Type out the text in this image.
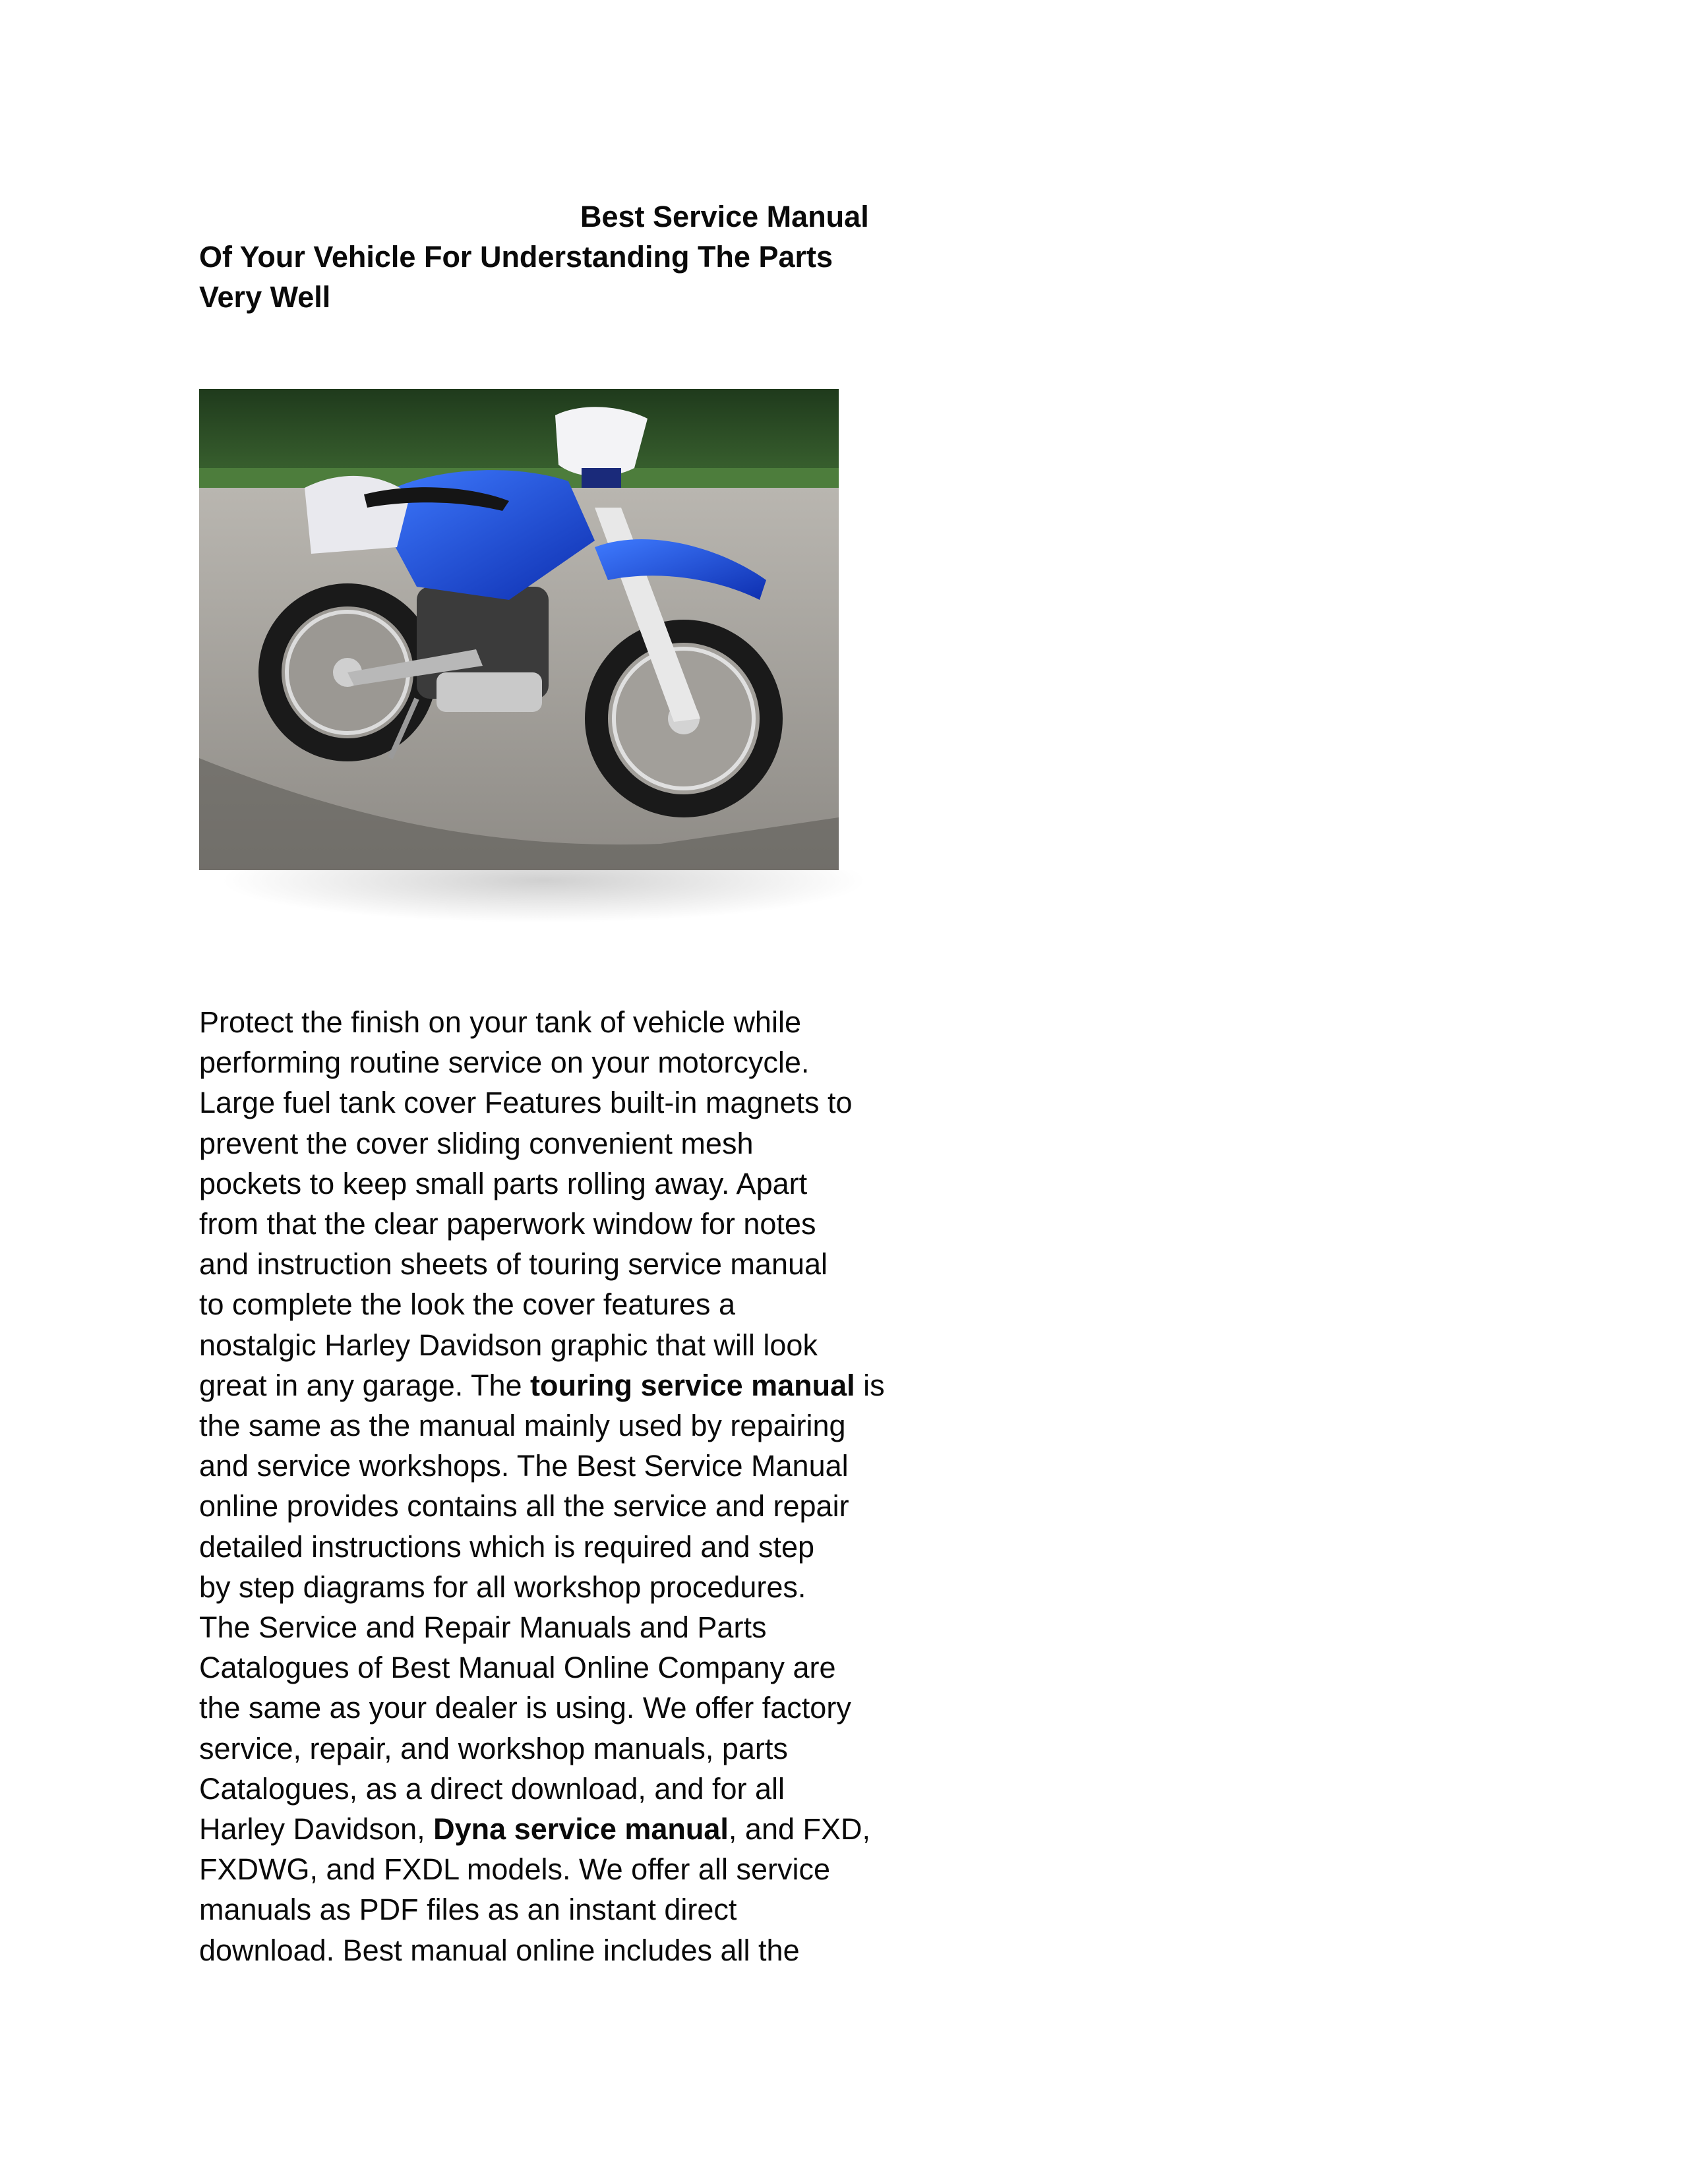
Best Service Manual
Of Your Vehicle For Understanding The Parts
Very Well

Protect the finish on your tank of vehicle while
performing routine service on your motorcycle.
Large fuel tank cover Features built-in magnets to
prevent the cover sliding convenient mesh
pockets to keep small parts rolling away. Apart
from that the clear paperwork window for notes
and instruction sheets of touring service manual
to complete the look the cover features a
nostalgic Harley Davidson graphic that will look
great in any garage. The touring service manual is
the same as the manual mainly used by repairing
and service workshops. The Best Service Manual
online provides contains all the service and repair
detailed instructions which is required and step
by step diagrams for all workshop procedures.
The Service and Repair Manuals and Parts
Catalogues of Best Manual Online Company are
the same as your dealer is using. We offer factory
service, repair, and workshop manuals, parts
Catalogues, as a direct download, and for all
Harley Davidson, Dyna service manual, and FXD,
FXDWG, and FXDL models. We offer all service
manuals as PDF files as an instant direct
download. Best manual online includes all the
